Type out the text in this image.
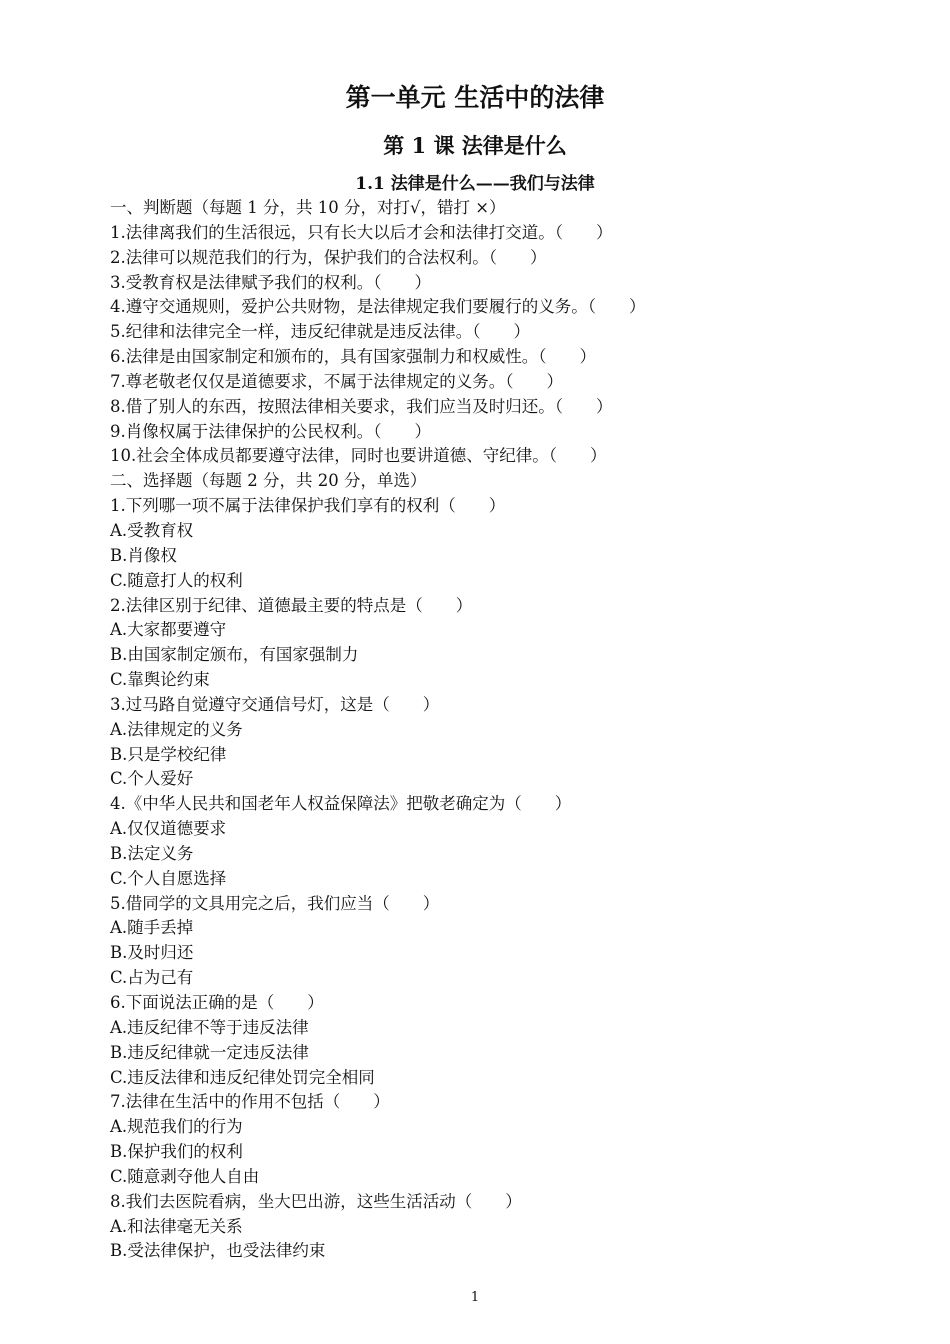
第一单元 生活中的法律
第 1 课 法律是什么
1.1 法律是什么——我们与法律
一、判断题（每题 1 分，共 10 分，对打√，错打 ×）
1.法律离我们的生活很远，只有长大以后才会和法律打交道。（　　）
2.法律可以规范我们的行为，保护我们的合法权利。（　　）
3.受教育权是法律赋予我们的权利。（　　）
4.遵守交通规则，爱护公共财物，是法律规定我们要履行的义务。（　　）
5.纪律和法律完全一样，违反纪律就是违反法律。（　　）
6.法律是由国家制定和颁布的，具有国家强制力和权威性。（　　）
7.尊老敬老仅仅是道德要求，不属于法律规定的义务。（　　）
8.借了别人的东西，按照法律相关要求，我们应当及时归还。（　　）
9.肖像权属于法律保护的公民权利。（　　）
10.社会全体成员都要遵守法律，同时也要讲道德、守纪律。（　　）
二、选择题（每题 2 分，共 20 分，单选）
1.下列哪一项不属于法律保护我们享有的权利（　　）
A.受教育权
B.肖像权
C.随意打人的权利
2.法律区别于纪律、道德最主要的特点是（　　）
A.大家都要遵守
B.由国家制定颁布，有国家强制力
C.靠舆论约束
3.过马路自觉遵守交通信号灯，这是（　　）
A.法律规定的义务
B.只是学校纪律
C.个人爱好
4.《中华人民共和国老年人权益保障法》把敬老确定为（　　）
A.仅仅道德要求
B.法定义务
C.个人自愿选择
5.借同学的文具用完之后，我们应当（　　）
A.随手丢掉
B.及时归还
C.占为己有
6.下面说法正确的是（　　）
A.违反纪律不等于违反法律
B.违反纪律就一定违反法律
C.违反法律和违反纪律处罚完全相同
7.法律在生活中的作用不包括（　　）
A.规范我们的行为
B.保护我们的权利
C.随意剥夺他人自由
8.我们去医院看病，坐大巴出游，这些生活活动（　　）
A.和法律毫无关系
B.受法律保护，也受法律约束
1
